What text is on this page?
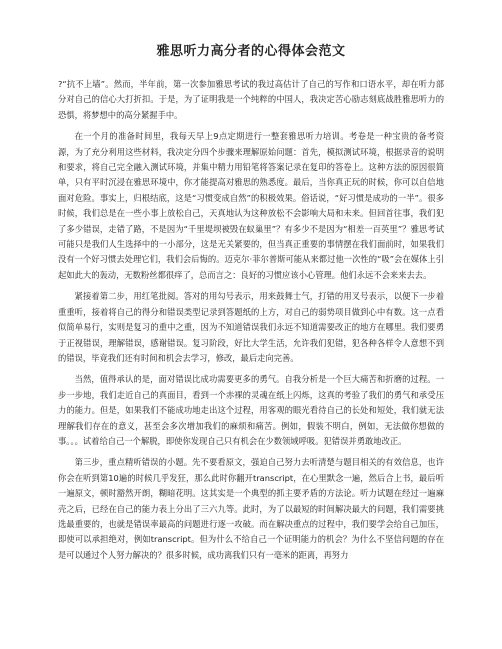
雅思听力高分者的心得体会范文

?“抗不上墙”。然而，半年前，第一次参加雅思考试的我过高估计了自己的写作和口语水平，却在听力部分对自己的信心大打折扣。于是，为了证明我是一个纯粹的中国人，我决定苦心励志刻底战胜雅思听力的恐惧，将梦想中的高分紧握手中。

在一个月的准备时间里，我每天早上9点定期进行一整套雅思听力培训。考卷是一种宝贵的备考资源，为了充分利用这些材料，我决定分四个步骤来理解原始问题：首先，模拟测试环境，根据录音的说明和要求，将自己完全融入测试环境，并集中精力用铅笔将答案记录在复印的答卷上。这种方法的原因很简单，只有平时沉浸在雅思环境中，你才能提高对雅思的熟悉度。最后，当你真正玩的时候，你可以自信地面对危险。事实上，归根结底，这是“习惯变成自然”的积极效果。俗话说，“好习惯是成功的一半”。很多时候，我们总是在一些小事上放松自己，天真地认为这种放松不会影响大局和未来。但回首往事，我们犯了多少错误，走错了路，不是因为“千里堤坝被毁在蚁巢里”？有多少不是因为“相差一百英里”？雅思考试可能只是我们人生选择中的一小部分，这是无关紧要的，但当真正重要的事情摆在我们面前时，如果我们没有一个好习惯去处理它们，我们会后悔的。迈克尔·菲尔普斯可能从来都过他一次性的“吸”会在媒体上引起如此大的轰动，无数粉丝都很痒了，总而言之：良好的习惯应该小心管理。他们永远不会来来去去。

紧接着第二步，用红笔批阅。答对的用勾号表示，用来鼓舞士气，打错的用叉号表示，以便下一步着重重听，接着将自己的得分和错误类型记录到答题纸的上方，对自己的弱势项目做到心中有数。这一点看似简单易行，实则是复习的重中之重，因为不知道错误我们永远不知道需要改正的地方在哪里。我们要勇于正视错误，理解错误，感谢错误。复习阶段，好比大学生活，允许我们犯错，犯各种各样令人意想不到的错误，毕竟我们还有时间和机会去学习，修改，最后走向完善。

当然，值得承认的是，面对错误比成功需要更多的勇气。自我分析是一个巨大痛苦和折磨的过程。一步一步地，我们走近自己的真面目，看到一个赤裸的灵魂在纸上闪烁，这真的考验了我们的勇气和承受压力的能力。但是，如果我们不能成功地走出这个过程，用客观的眼光看待自己的长处和短处，我们就无法理解我们存在的意义，甚至会多次增加我们的麻烦和痛苦。例如，假装不明白，例如，无法做你想做的事。。。试着给自己一个解脱，即使你发现自己只有机会在少数领域呼吸。犯错误并勇敢地改正。

第三步，重点精听错误的小题。先不要看原文，强迫自己努力去听清楚与题目相关的有效信息，也许你会在听到第10遍的时候几乎发狂，那么此时你翻开transcript，在心里默念一遍，然后合上书，最后听一遍原文，顿时豁然开朗，糊暗花明。这其实是一个典型的抓主要矛盾的方法论。听力试题在经过一遍麻壳之后，已经在自己的能力表上分出了三六九等。此时，为了以最短的时间解决最大的问题，我们需要挑选最重要的，也就是错误率最高的问题进行逐一攻破。而在解决重点的过程中，我们要学会给自己加压，即使可以承担绝对，例如transcript。但为什么不给自己一个证明能力的机会？为什么不坚信问题的存在是可以通过个人努力解决的？很多时候，成功离我们只有一毫米的距离，再努力
